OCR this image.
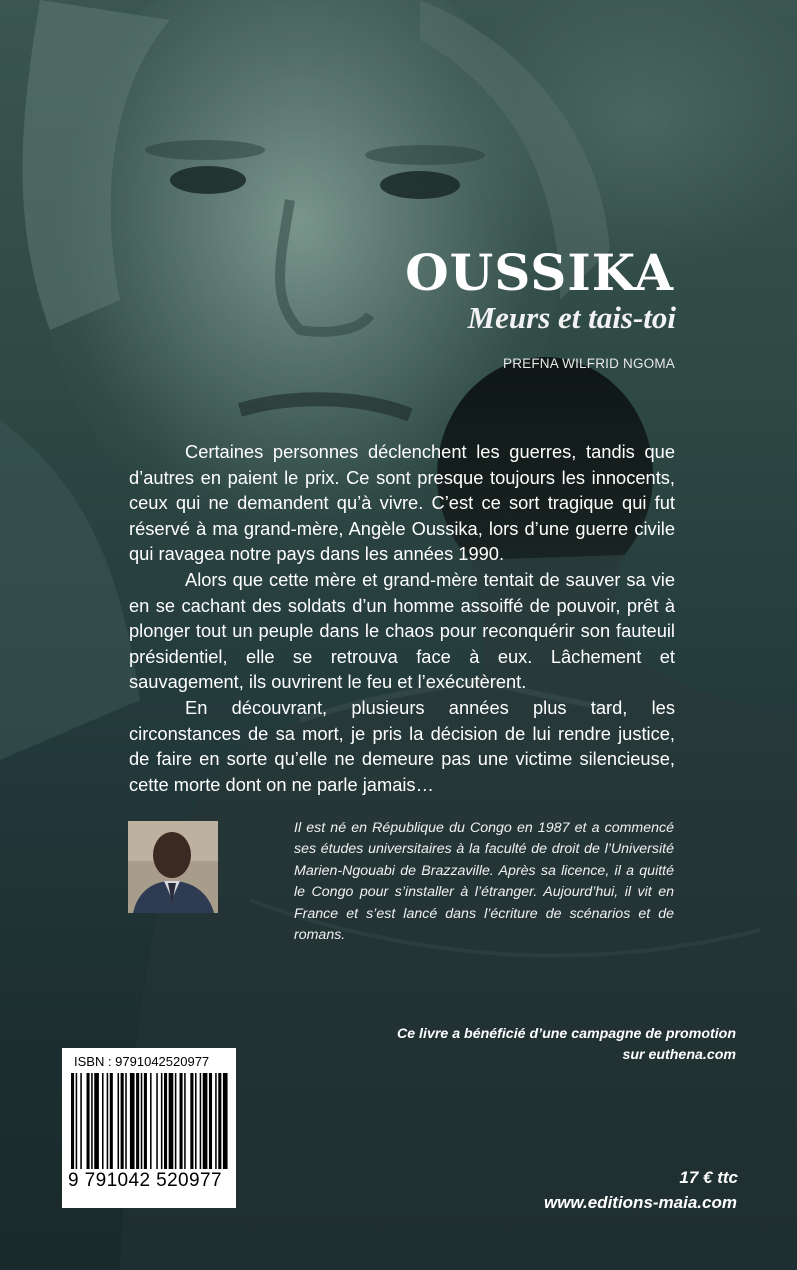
OUSSIKA
Meurs et tais-toi

PREFNA WILFRID NGOMA

Certaines personnes déclenchent les guerres, tandis que d’autres en paient le prix. Ce sont presque toujours les innocents, ceux qui ne demandent qu’à vivre. C’est ce sort tragique qui fut réservé à ma grand-mère, Angèle Oussika, lors d’une guerre civile qui ravagea notre pays dans les années 1990.

Alors que cette mère et grand-mère tentait de sauver sa vie en se cachant des soldats d’un homme assoiffé de pouvoir, prêt à plonger tout un peuple dans le chaos pour reconquérir son fauteuil présidentiel, elle se retrouva face à eux. Lâchement et sauvagement, ils ouvrirent le feu et l’exécutèrent.

En découvrant, plusieurs années plus tard, les circonstances de sa mort, je pris la décision de lui rendre justice, de faire en sorte qu’elle ne demeure pas une victime silencieuse, cette morte dont on ne parle jamais…

Il est né en République du Congo en 1987 et a commencé ses études universitaires à la faculté de droit de l’Université Marien-Ngouabi de Brazzaville. Après sa licence, il a quitté le Congo pour s’installer à l’étranger. Aujourd’hui, il vit en France et s’est lancé dans l’écriture de scénarios et de romans.

Ce livre a bénéficié d’une campagne de promotion
sur euthena.com
ISBN : 9791042520977
9 791042 520977	17 € ttc

www.editions-maia.com
